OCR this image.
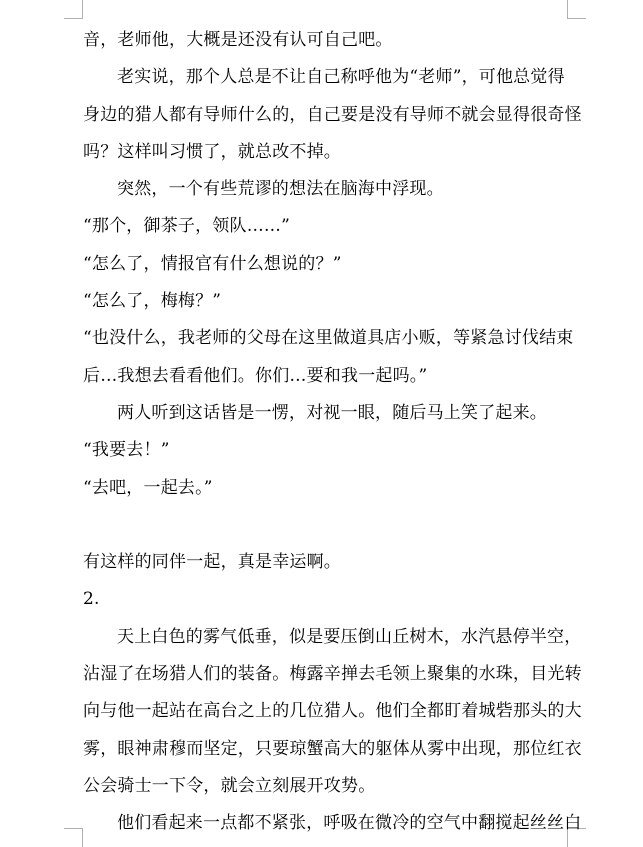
音，老师他，大概是还没有认可自己吧。
老实说，那个人总是不让自己称呼他为“老师”，可他总觉得
身边的猎人都有导师什么的，自己要是没有导师不就会显得很奇怪
吗？这样叫习惯了，就总改不掉。
突然，一个有些荒谬的想法在脑海中浮现。
“那个，御茶子，领队……”
“怎么了，情报官有什么想说的？”
“怎么了，梅梅？”
“也没什么，我老师的父母在这里做道具店小贩，等紧急讨伐结束
后…我想去看看他们。你们…要和我一起吗。”
两人听到这话皆是一愣，对视一眼，随后马上笑了起来。
“我要去！”
“去吧，一起去。”
有这样的同伴一起，真是幸运啊。
2.
天上白色的雾气低垂，似是要压倒山丘树木，水汽悬停半空，
沾湿了在场猎人们的装备。梅露辛掸去毛领上聚集的水珠，目光转
向与他一起站在高台之上的几位猎人。他们全都盯着城砦那头的大
雾，眼神肃穆而坚定，只要琼蟹高大的躯体从雾中出现，那位红衣
公会骑士一下令，就会立刻展开攻势。
他们看起来一点都不紧张，呼吸在微冷的空气中翻搅起丝丝白
